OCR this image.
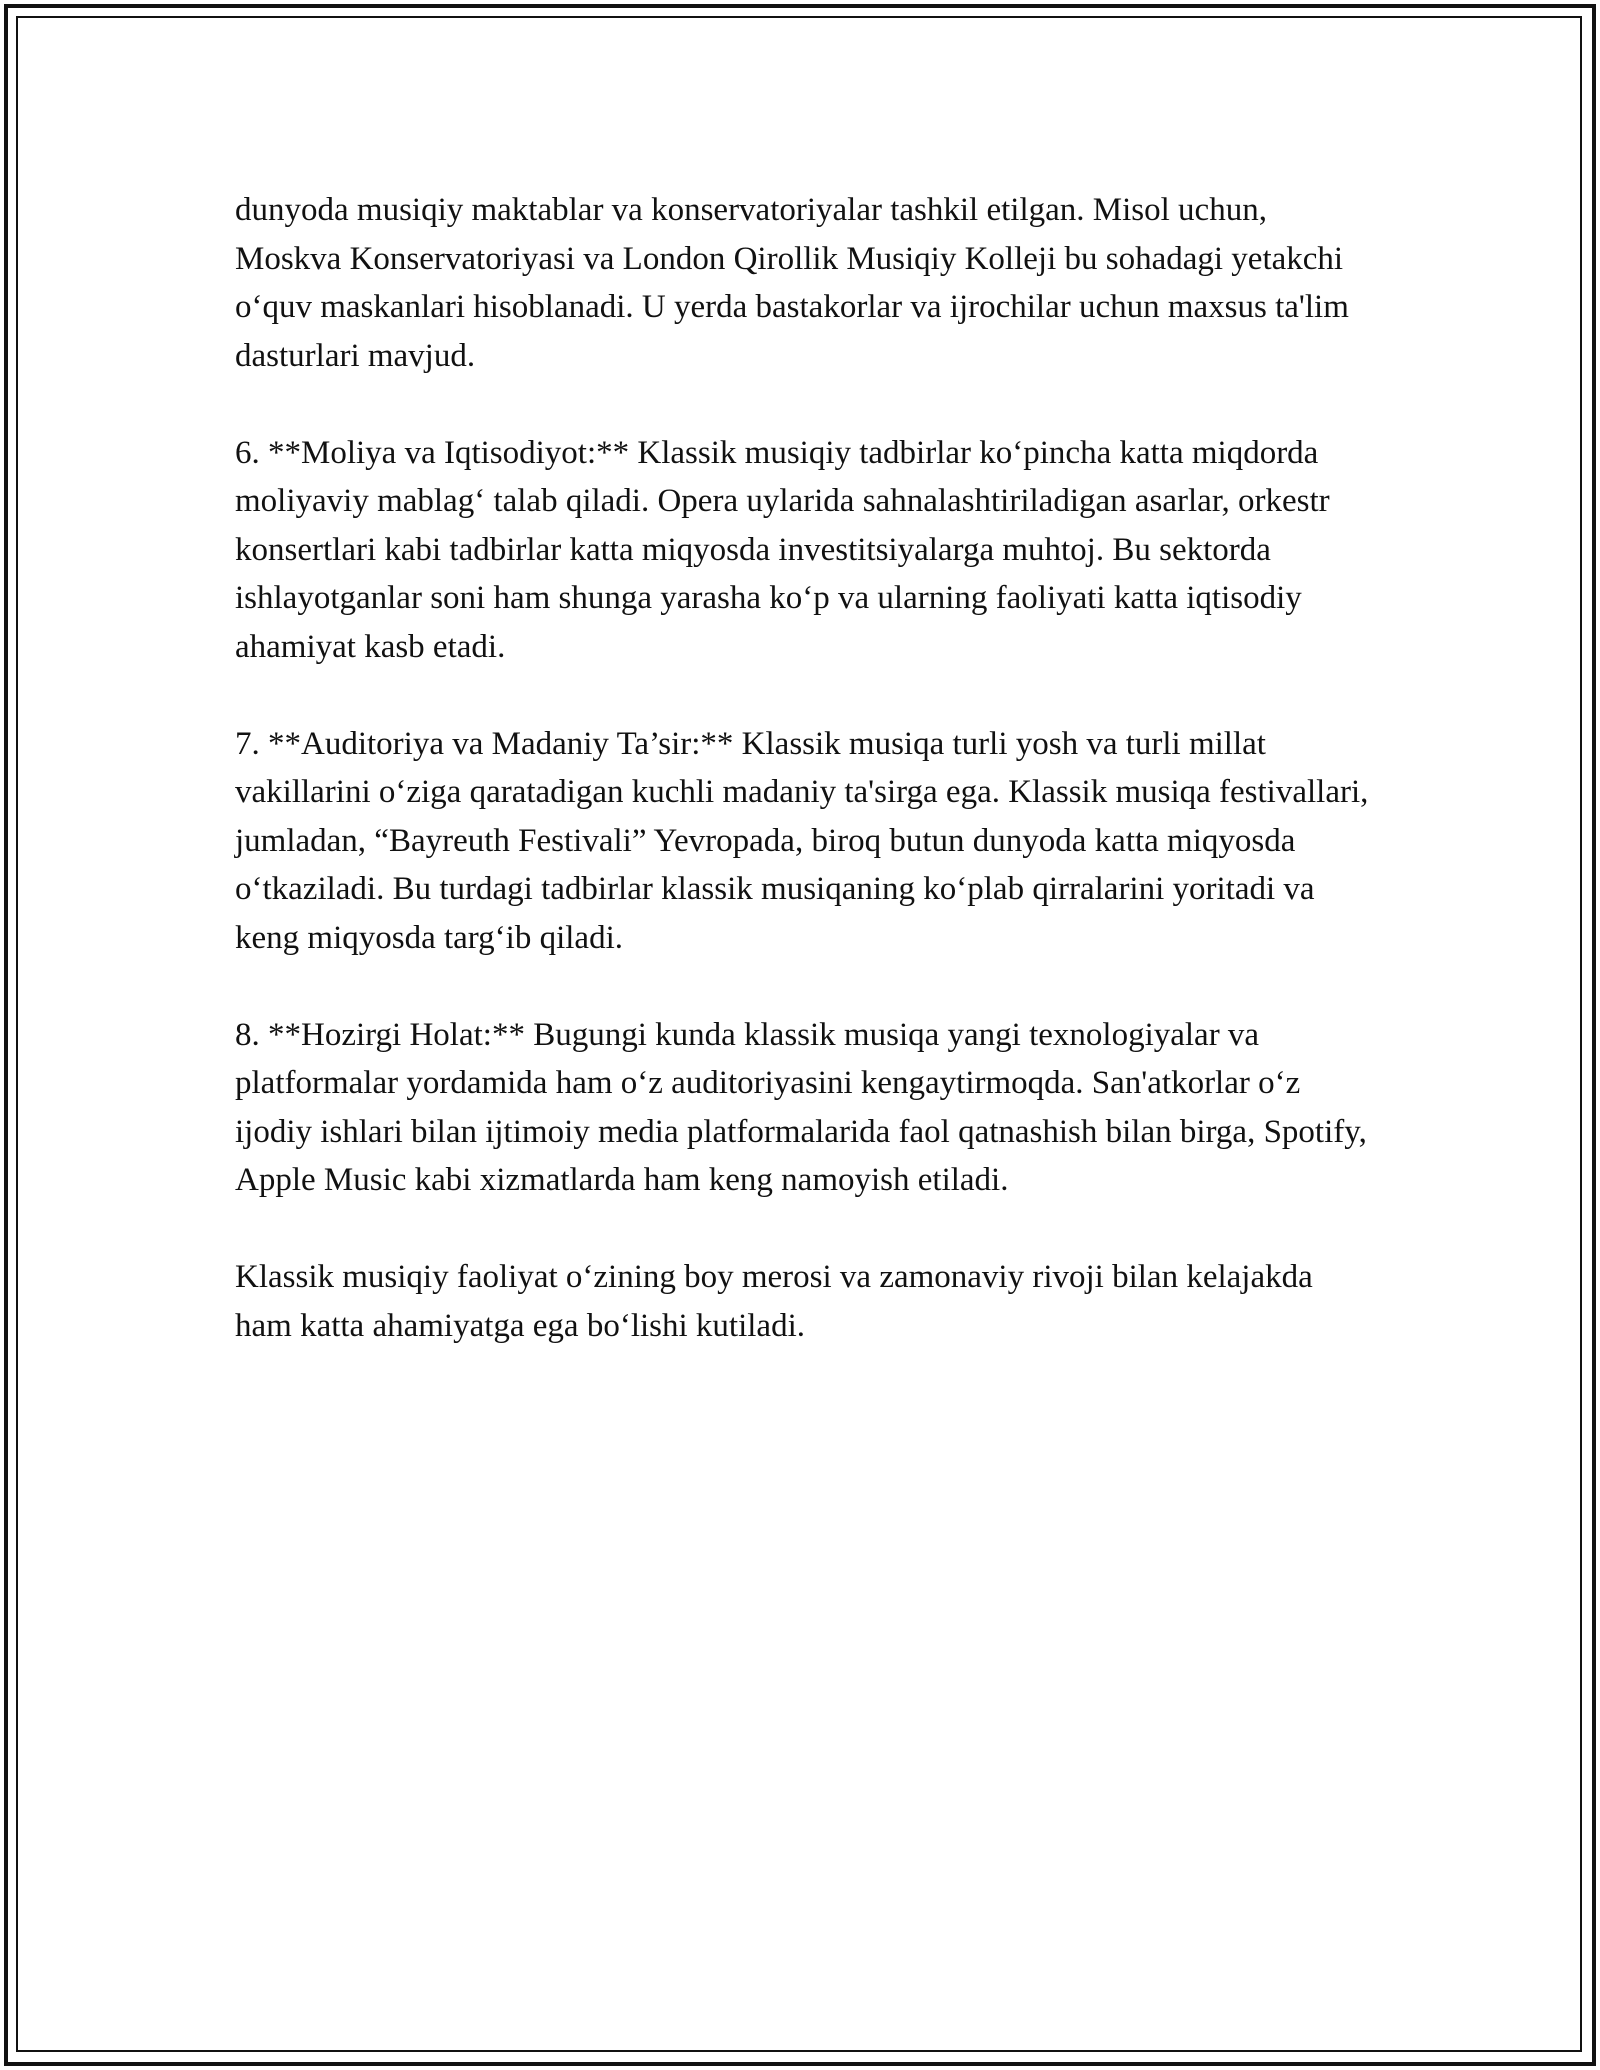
dunyoda musiqiy maktablar va konservatoriyalar tashkil etilgan. Misol uchun, Moskva Konservatoriyasi va London Qirollik Musiqiy Kolleji bu sohadagi yetakchi o‘quv maskanlari hisoblanadi. U yerda bastakorlar va ijrochilar uchun maxsus ta'lim dasturlari mavjud.

6. **Moliya va Iqtisodiyot:** Klassik musiqiy tadbirlar ko‘pincha katta miqdorda moliyaviy mablag‘ talab qiladi. Opera uylarida sahnalashtiriladigan asarlar, orkestr konsertlari kabi tadbirlar katta miqyosda investitsiyalarga muhtoj. Bu sektorda ishlayotganlar soni ham shunga yarasha ko‘p va ularning faoliyati katta iqtisodiy ahamiyat kasb etadi.

7. **Auditoriya va Madaniy Ta’sir:** Klassik musiqa turli yosh va turli millat vakillarini o‘ziga qaratadigan kuchli madaniy ta'sirga ega. Klassik musiqa festivallari, jumladan, “Bayreuth Festivali” Yevropada, biroq butun dunyoda katta miqyosda o‘tkaziladi. Bu turdagi tadbirlar klassik musiqaning ko‘plab qirralarini yoritadi va keng miqyosda targ‘ib qiladi.

8. **Hozirgi Holat:** Bugungi kunda klassik musiqa yangi texnologiyalar va platformalar yordamida ham o‘z auditoriyasini kengaytirmoqda. San'atkorlar o‘z ijodiy ishlari bilan ijtimoiy media platformalarida faol qatnashish bilan birga, Spotify, Apple Music kabi xizmatlarda ham keng namoyish etiladi.

Klassik musiqiy faoliyat o‘zining boy merosi va zamonaviy rivoji bilan kelajakda ham katta ahamiyatga ega bo‘lishi kutiladi.
